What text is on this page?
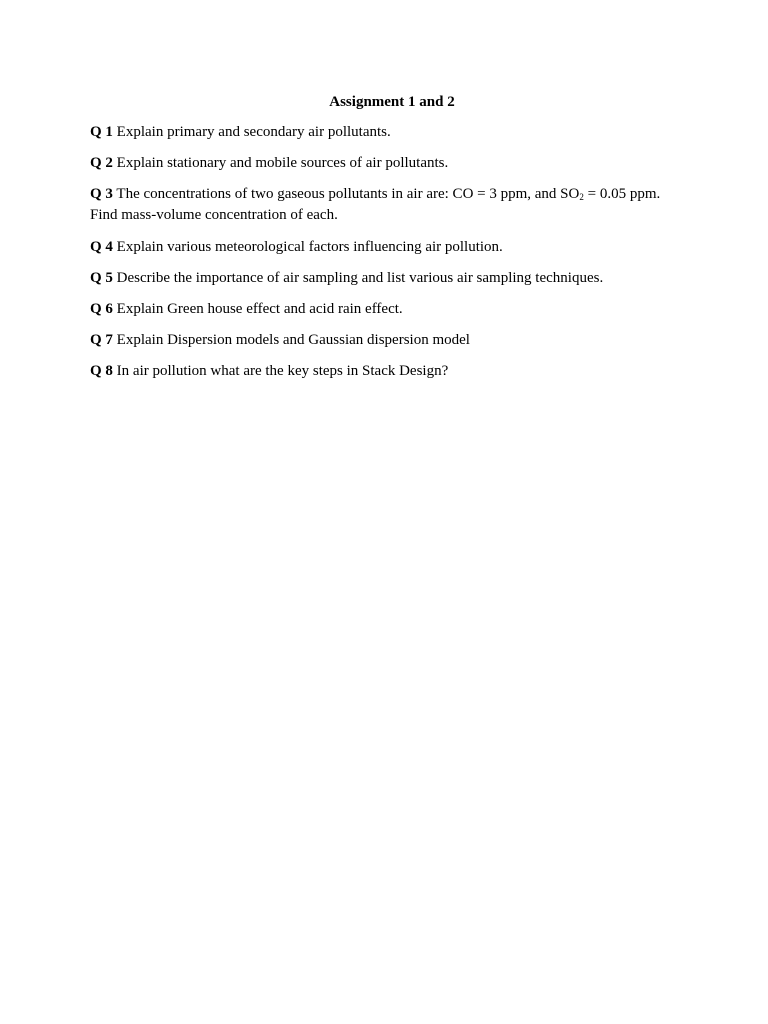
Assignment 1 and 2
Q 1 Explain primary and secondary air pollutants.
Q 2 Explain stationary and mobile sources of air pollutants.
Q 3 The concentrations of two gaseous pollutants in air are: CO = 3 ppm, and $SO_2 = 0.05$ ppm. Find mass-volume concentration of each.
Q 4 Explain various meteorological factors influencing air pollution.
Q 5 Describe the importance of air sampling and list various air sampling techniques.
Q 6 Explain Green house effect and acid rain effect.
Q 7 Explain Dispersion models and Gaussian dispersion model
Q 8 In air pollution what are the key steps in Stack Design?
